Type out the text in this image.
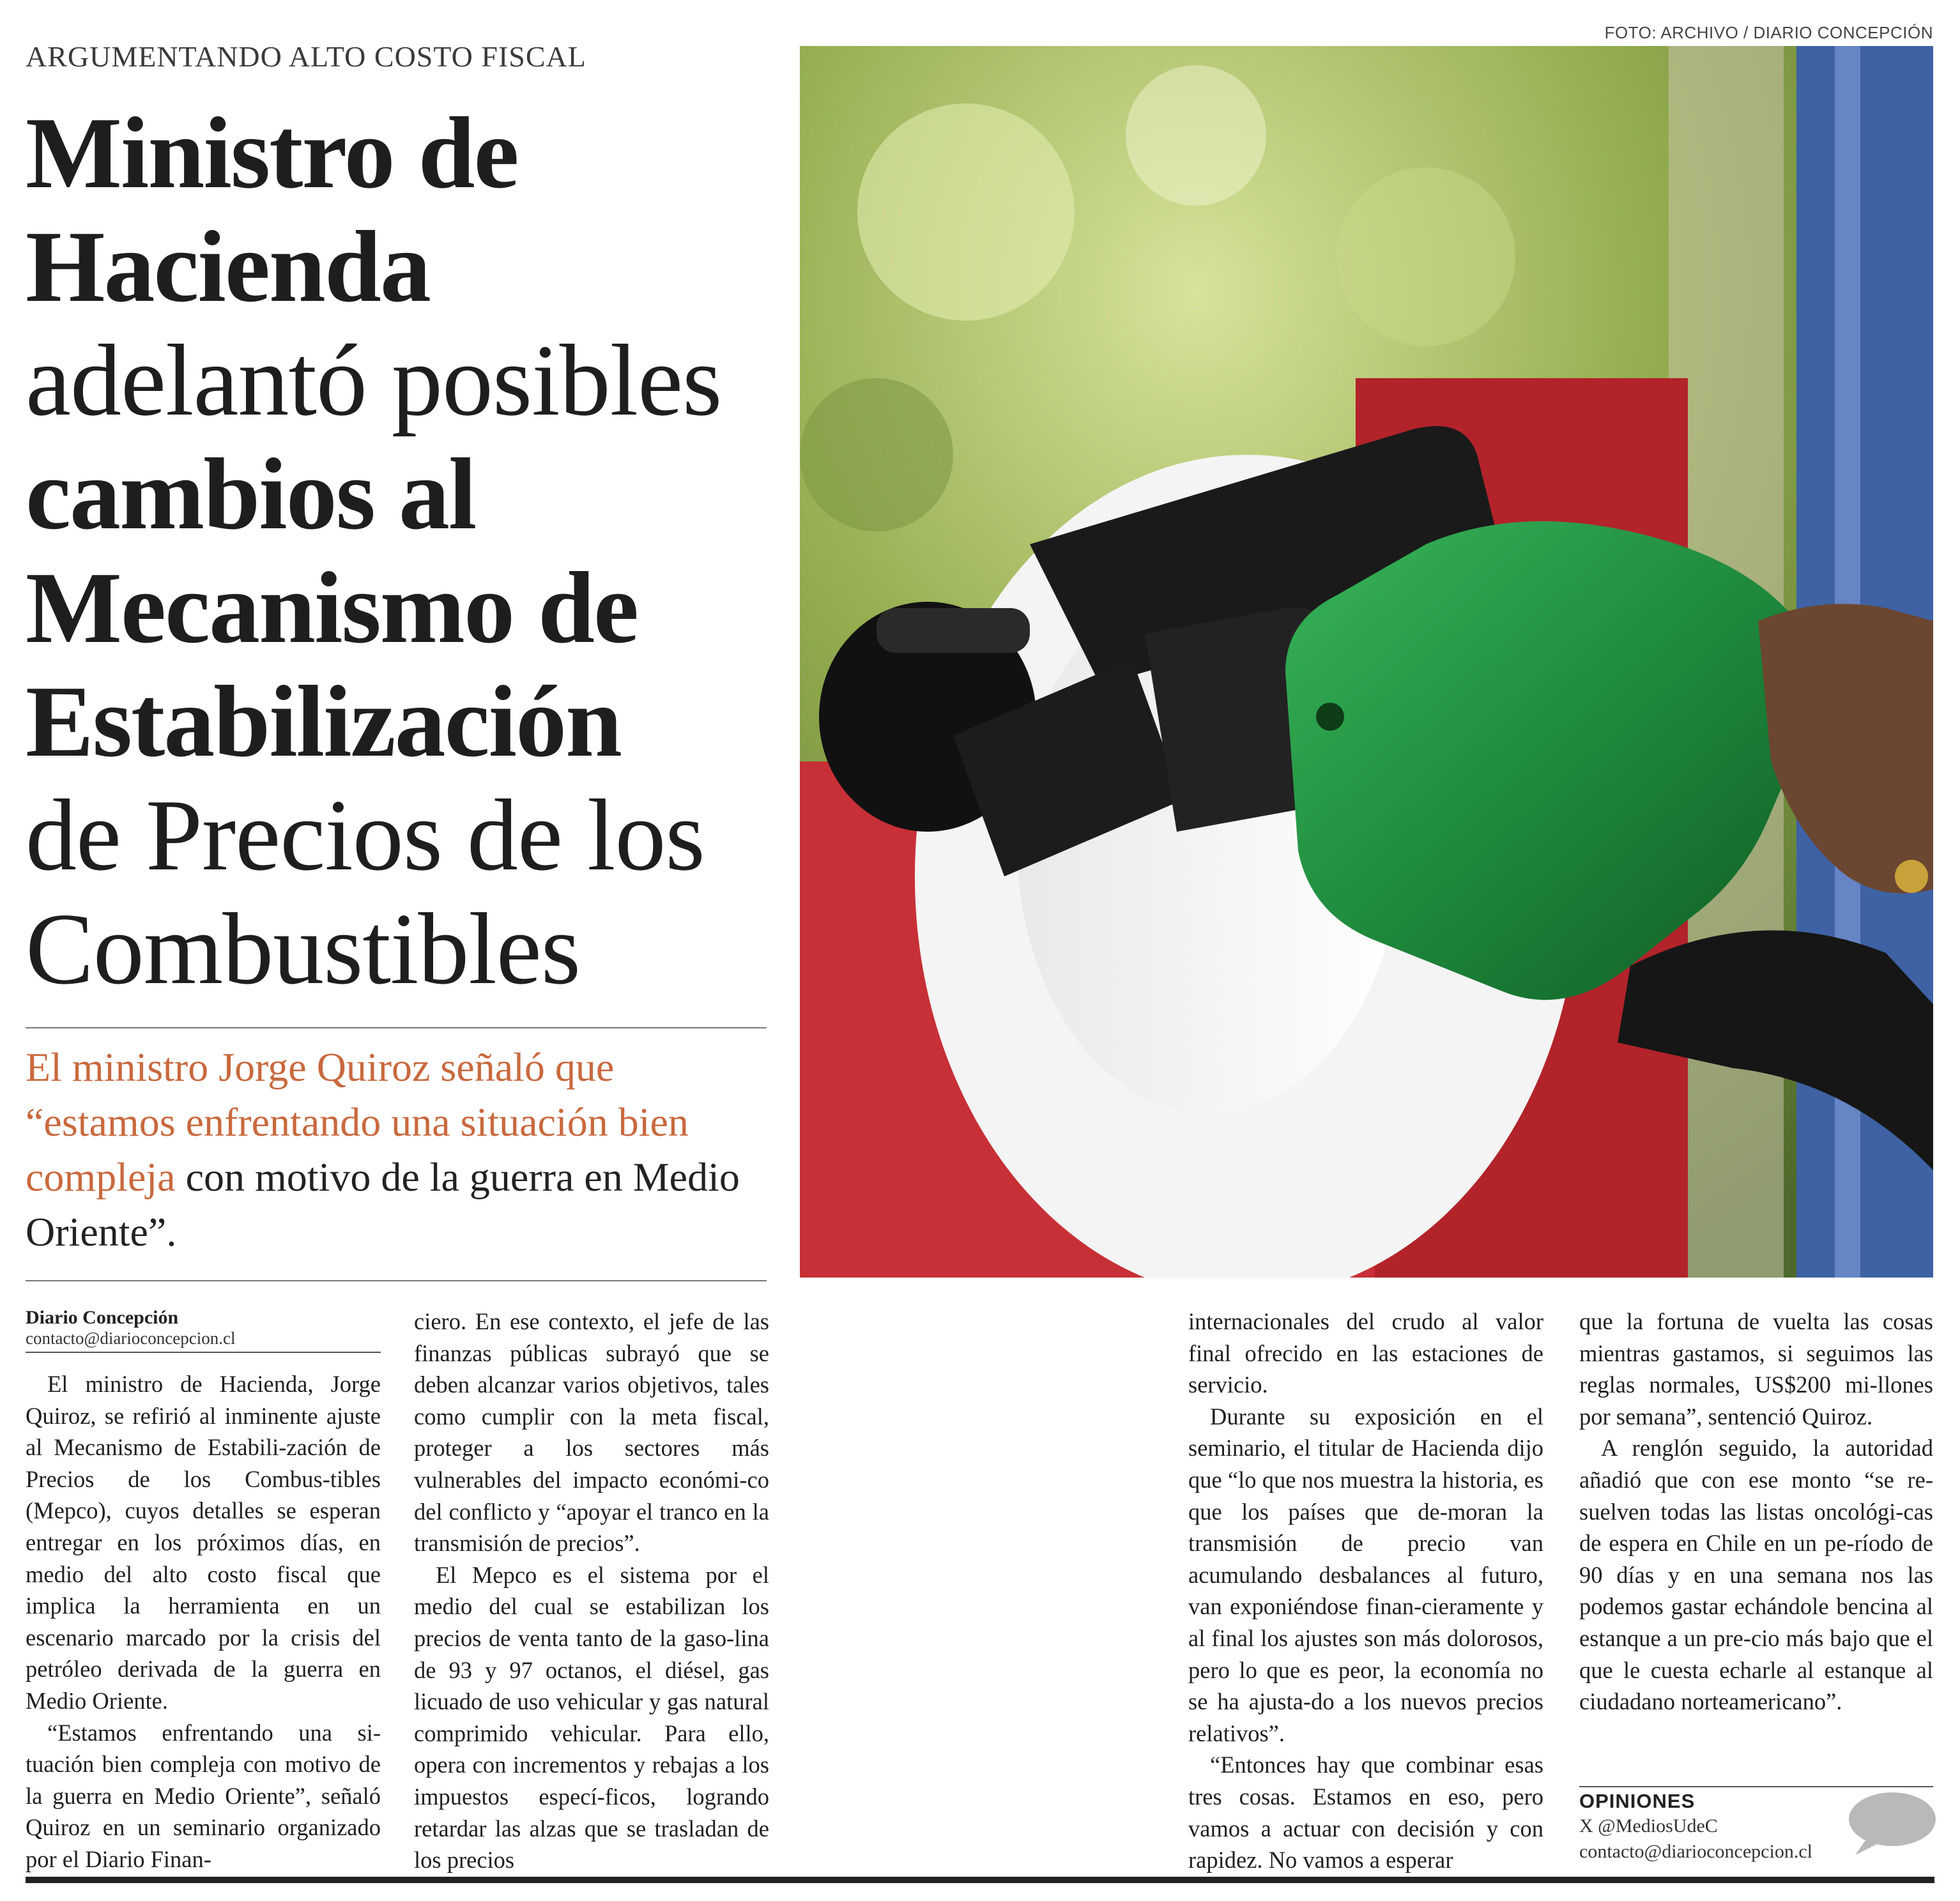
ARGUMENTANDO ALTO COSTO FISCAL
Ministro de
Hacienda
adelantó posibles
cambios al
Mecanismo de
Estabilización
de Precios de los
Combustibles
El ministro Jorge Quiroz señaló que “estamos enfrentando una situación bien compleja con motivo de la guerra en Medio Oriente”.
FOTO: ARCHIVO / DIARIO CONCEPCIÓN
Diario Concepción
contacto@diarioconcepcion.cl

El ministro de Hacienda, Jorge Quiroz, se refirió al inminente ajuste al Mecanismo de Estabili-zación de Precios de los Combus-tibles (Mepco), cuyos detalles se esperan entregar en los próximos días, en medio del alto costo fiscal que implica la herramienta en un escenario marcado por la crisis del petróleo derivada de la guerra en Medio Oriente.

“Estamos enfrentando una si-tuación bien compleja con motivo de la guerra en Medio Oriente”, señaló Quiroz en un seminario organizado por el Diario Finan-

ciero. En ese contexto, el jefe de las finanzas públicas subrayó que se deben alcanzar varios objetivos, tales como cumplir con la meta fiscal, proteger a los sectores más vulnerables del impacto económi-co del conflicto y “apoyar el tranco en la transmisión de precios”.

El Mepco es el sistema por el medio del cual se estabilizan los precios de venta tanto de la gaso-lina de 93 y 97 octanos, el diésel, gas licuado de uso vehicular y gas natural comprimido vehicular. Para ello, opera con incrementos y rebajas a los impuestos especí-ficos, logrando retardar las alzas que se trasladan de los precios

internacionales del crudo al valor final ofrecido en las estaciones de servicio.

Durante su exposición en el seminario, el titular de Hacienda dijo que “lo que nos muestra la historia, es que los países que de-moran la transmisión de precio van acumulando desbalances al futuro, van exponiéndose finan-cieramente y al final los ajustes son más dolorosos, pero lo que es peor, la economía no se ha ajusta-do a los nuevos precios relativos”.

“Entonces hay que combinar esas tres cosas. Estamos en eso, pero vamos a actuar con decisión y con rapidez. No vamos a esperar

que la fortuna de vuelta las cosas mientras gastamos, si seguimos las reglas normales, US$200 mi-llones por semana”, sentenció Quiroz.

A renglón seguido, la autoridad añadió que con ese monto “se re-suelven todas las listas oncológi-cas de espera en Chile en un pe-ríodo de 90 días y en una semana nos las podemos gastar echándole bencina al estanque a un pre-cio más bajo que el que le cuesta echarle al estanque al ciudadano norteamericano”.

OPINIONES
X @MediosUdeC
contacto@diarioconcepcion.cl
